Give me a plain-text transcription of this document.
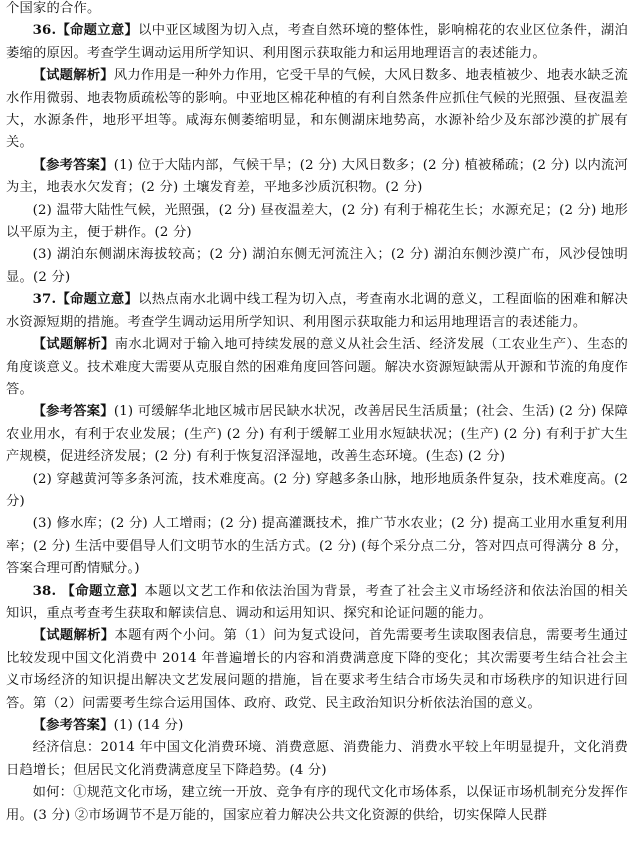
个国家的合作。

36.【命题立意】以中亚区域图为切入点，考查自然环境的整体性，影响棉花的农业区位条件，湖泊萎缩的原因。考查学生调动运用所学知识、利用图示获取能力和运用地理语言的表述能力。

【试题解析】风力作用是一种外力作用，它受干旱的气候，大风日数多、地表植被少、地表水缺乏流水作用微弱、地表物质疏松等的影响。中亚地区棉花种植的有利自然条件应抓住气候的光照强、昼夜温差大，水源条件，地形平坦等。咸海东侧萎缩明显，和东侧湖床地势高，水源补给少及东部沙漠的扩展有关。

【参考答案】(1) 位于大陆内部，气候干旱；(2 分) 大风日数多；(2 分) 植被稀疏；(2 分) 以内流河为主，地表水欠发育；(2 分) 土壤发育差，平地多沙质沉积物。(2 分)

(2) 温带大陆性气候，光照强，(2 分) 昼夜温差大，(2 分) 有利于棉花生长；水源充足；(2 分) 地形以平原为主，便于耕作。(2 分)

(3) 湖泊东侧湖床海拔较高；(2 分) 湖泊东侧无河流注入；(2 分) 湖泊东侧沙漠广布，风沙侵蚀明显。(2 分)

37.【命题立意】以热点南水北调中线工程为切入点，考查南水北调的意义，工程面临的困难和解决水资源短期的措施。考查学生调动运用所学知识、利用图示获取能力和运用地理语言的表述能力。

【试题解析】南水北调对于输入地可持续发展的意义从社会生活、经济发展（工农业生产）、生态的角度谈意义。技术难度大需要从克服自然的困难角度回答问题。解决水资源短缺需从开源和节流的角度作答。

【参考答案】(1) 可缓解华北地区城市居民缺水状况，改善居民生活质量；(社会、生活) (2 分) 保障农业用水，有利于农业发展；(生产) (2 分) 有利于缓解工业用水短缺状况；(生产) (2 分) 有利于扩大生产规模，促进经济发展；(2 分) 有利于恢复沼泽湿地，改善生态环境。(生态) (2 分)

(2) 穿越黄河等多条河流，技术难度高。(2 分) 穿越多条山脉，地形地质条件复杂，技术难度高。(2 分)

(3) 修水库；(2 分) 人工增雨；(2 分) 提高灌溉技术，推广节水农业；(2 分) 提高工业用水重复利用率；(2 分) 生活中要倡导人们文明节水的生活方式。(2 分) (每个采分点二分，答对四点可得满分 8 分，答案合理可酌情赋分。)

38. 【命题立意】本题以文艺工作和依法治国为背景，考查了社会主义市场经济和依法治国的相关知识，重点考查考生获取和解读信息、调动和运用知识、探究和论证问题的能力。

【试题解析】本题有两个小问。第（1）问为复式设问，首先需要考生读取图表信息，需要考生通过比较发现中国文化消费中 2014 年普遍增长的内容和消费满意度下降的变化；其次需要考生结合社会主义市场经济的知识提出解决文艺发展问题的措施，旨在要求考生结合市场失灵和市场秩序的知识进行回答。第（2）问需要考生综合运用国体、政府、政党、民主政治知识分析依法治国的意义。

【参考答案】(1) (14 分)

经济信息：2014 年中国文化消费环境、消费意愿、消费能力、消费水平较上年明显提升，文化消费日趋增长；但居民文化消费满意度呈下降趋势。(4 分)

如何：①规范文化市场，建立统一开放、竞争有序的现代文化市场体系，以保证市场机制充分发挥作用。(3 分) ②市场调节不是万能的，国家应着力解决公共文化资源的供给，切实保障人民群
